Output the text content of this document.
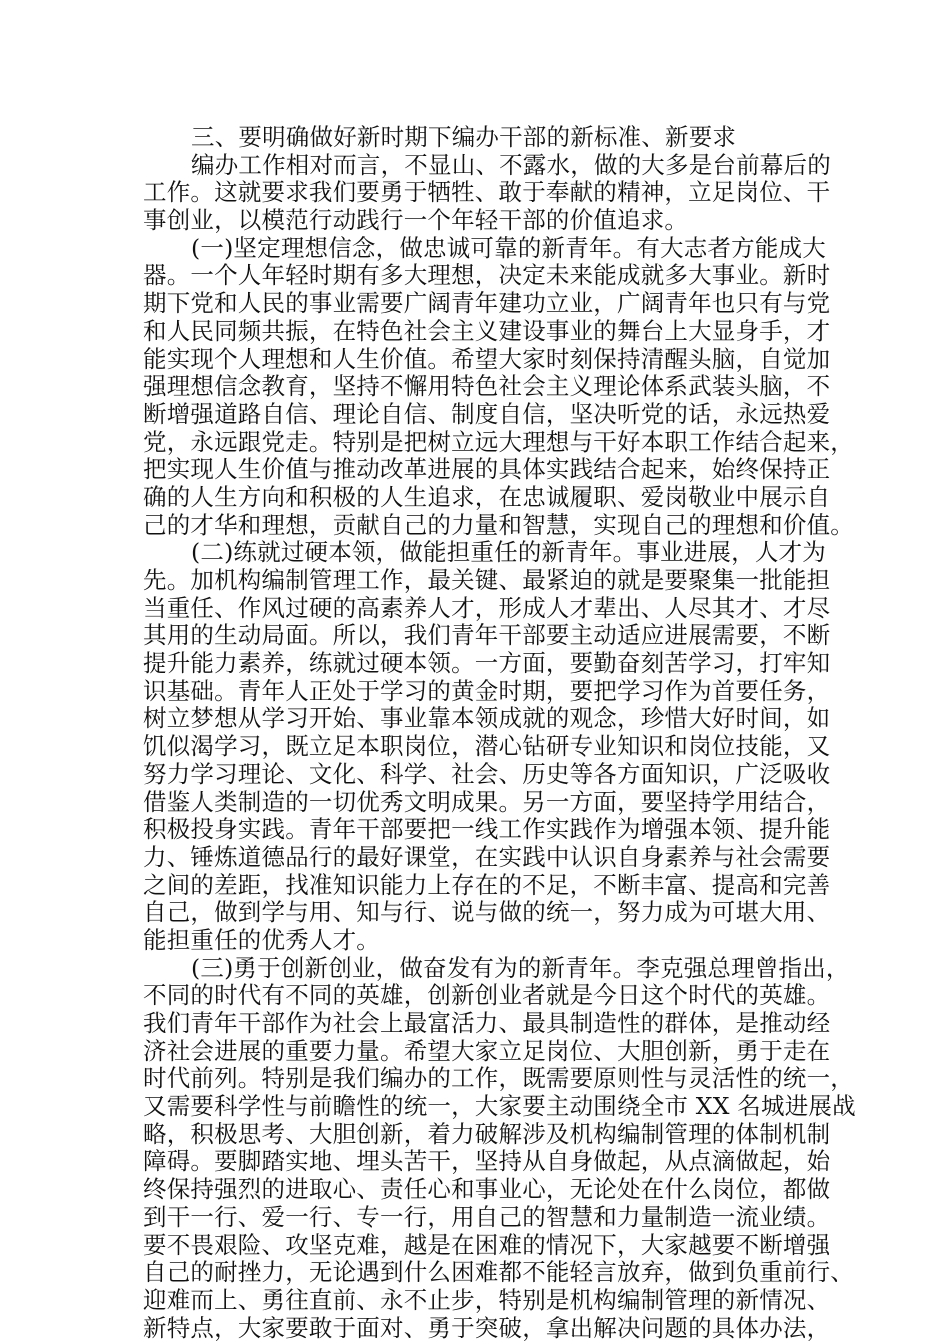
三、要明确做好新时期下编办干部的新标准、新要求
编办工作相对而言，不显山、不露水，做的大多是台前幕后的
工作。这就要求我们要勇于牺牲、敢于奉献的精神，立足岗位、干
事创业，以模范行动践行一个年轻干部的价值追求。
(一)坚定理想信念，做忠诚可靠的新青年。有大志者方能成大
器。一个人年轻时期有多大理想，决定未来能成就多大事业。新时
期下党和人民的事业需要广阔青年建功立业，广阔青年也只有与党
和人民同频共振，在特色社会主义建设事业的舞台上大显身手，才
能实现个人理想和人生价值。希望大家时刻保持清醒头脑，自觉加
强理想信念教育，坚持不懈用特色社会主义理论体系武装头脑，不
断增强道路自信、理论自信、制度自信，坚决听党的话，永远热爱
党，永远跟党走。特别是把树立远大理想与干好本职工作结合起来，
把实现人生价值与推动改革进展的具体实践结合起来，始终保持正
确的人生方向和积极的人生追求，在忠诚履职、爱岗敬业中展示自
己的才华和理想，贡献自己的力量和智慧，实现自己的理想和价值。
(二)练就过硬本领，做能担重任的新青年。事业进展，人才为
先。加机构编制管理工作，最关键、最紧迫的就是要聚集一批能担
当重任、作风过硬的高素养人才，形成人才辈出、人尽其才、才尽
其用的生动局面。所以，我们青年干部要主动适应进展需要，不断
提升能力素养，练就过硬本领。一方面，要勤奋刻苦学习，打牢知
识基础。青年人正处于学习的黄金时期，要把学习作为首要任务，
树立梦想从学习开始、事业靠本领成就的观念，珍惜大好时间，如
饥似渴学习，既立足本职岗位，潜心钻研专业知识和岗位技能，又
努力学习理论、文化、科学、社会、历史等各方面知识，广泛吸收
借鉴人类制造的一切优秀文明成果。另一方面，要坚持学用结合，
积极投身实践。青年干部要把一线工作实践作为增强本领、提升能
力、锤炼道德品行的最好课堂，在实践中认识自身素养与社会需要
之间的差距，找准知识能力上存在的不足，不断丰富、提高和完善
自己，做到学与用、知与行、说与做的统一，努力成为可堪大用、
能担重任的优秀人才。
(三)勇于创新创业，做奋发有为的新青年。李克强总理曾指出，
不同的时代有不同的英雄，创新创业者就是今日这个时代的英雄。
我们青年干部作为社会上最富活力、最具制造性的群体，是推动经
济社会进展的重要力量。希望大家立足岗位、大胆创新，勇于走在
时代前列。特别是我们编办的工作，既需要原则性与灵活性的统一，
又需要科学性与前瞻性的统一，大家要主动围绕全市 XX 名城进展战
略，积极思考、大胆创新，着力破解涉及机构编制管理的体制机制
障碍。要脚踏实地、埋头苦干，坚持从自身做起，从点滴做起，始
终保持强烈的进取心、责任心和事业心，无论处在什么岗位，都做
到干一行、爱一行、专一行，用自己的智慧和力量制造一流业绩。
要不畏艰险、攻坚克难，越是在困难的情况下，大家越要不断增强
自己的耐挫力，无论遇到什么困难都不能轻言放弃，做到负重前行、
迎难而上、勇往直前、永不止步，特别是机构编制管理的新情况、
新特点，大家要敢于面对、勇于突破，拿出解决问题的具体办法，
